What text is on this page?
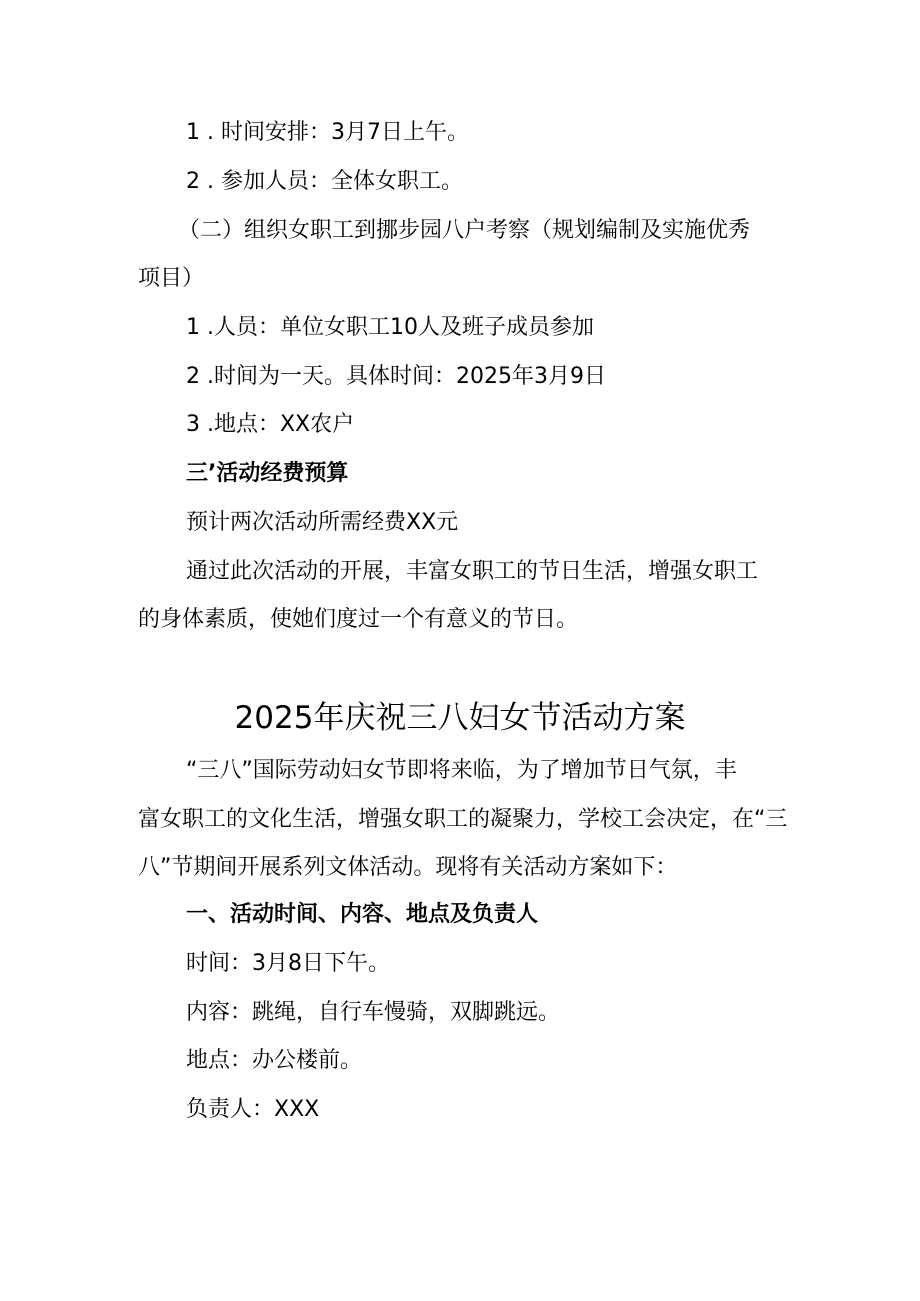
1 . 时间安排：3月7日上午。
2 . 参加人员：全体女职工。
（二）组织女职工到挪步园八户考察（规划编制及实施优秀
项目）
1 .人员：单位女职工10人及班子成员参加
2 .时间为一天。具体时间：2025年3月9日
3 .地点：XX农户
三’活动经费预算
预计两次活动所需经费XX元
通过此次活动的开展，丰富女职工的节日生活，增强女职工
的身体素质，使她们度过一个有意义的节日。
2025年庆祝三八妇女节活动方案
“三八”国际劳动妇女节即将来临，为了增加节日气氛，丰
富女职工的文化生活，增强女职工的凝聚力，学校工会决定，在“三
八”节期间开展系列文体活动。现将有关活动方案如下：
一、活动时间、内容、地点及负责人
时间：3月8日下午。
内容：跳绳，自行车慢骑，双脚跳远。
地点：办公楼前。
负责人：XXX
